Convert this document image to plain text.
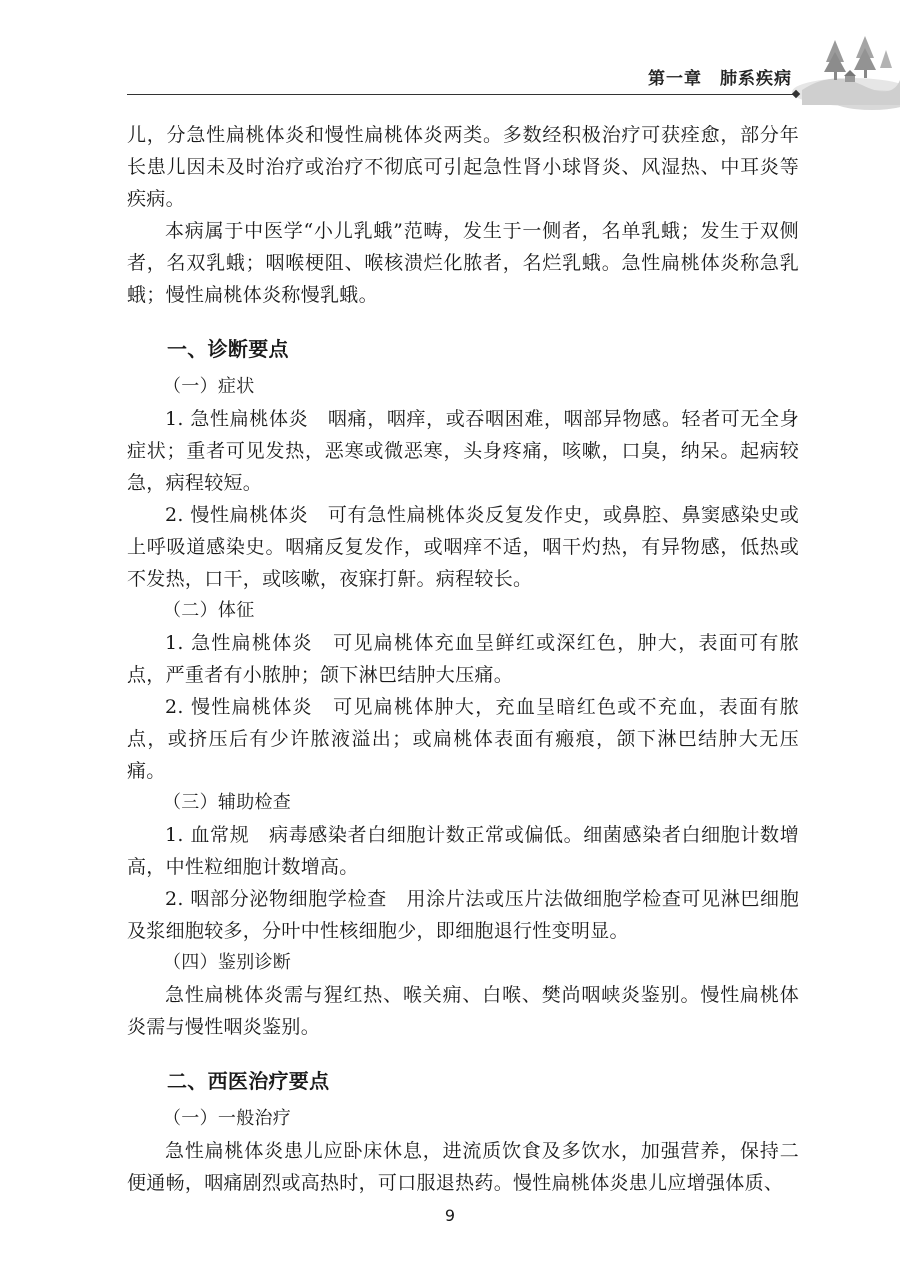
第一章　肺系疾病

儿，分急性扁桃体炎和慢性扁桃体炎两类。多数经积极治疗可获痊愈，部分年长患儿因未及时治疗或治疗不彻底可引起急性肾小球肾炎、风湿热、中耳炎等疾病。

本病属于中医学“小儿乳蛾”范畴，发生于一侧者，名单乳蛾；发生于双侧者，名双乳蛾；咽喉梗阻、喉核溃烂化脓者，名烂乳蛾。急性扁桃体炎称急乳蛾；慢性扁桃体炎称慢乳蛾。

一、诊断要点
（一）症状

1. 急性扁桃体炎　咽痛，咽痒，或吞咽困难，咽部异物感。轻者可无全身症状；重者可见发热，恶寒或微恶寒，头身疼痛，咳嗽，口臭，纳呆。起病较急，病程较短。

2. 慢性扁桃体炎　可有急性扁桃体炎反复发作史，或鼻腔、鼻窦感染史或上呼吸道感染史。咽痛反复发作，或咽痒不适，咽干灼热，有异物感，低热或不发热，口干，或咳嗽，夜寐打鼾。病程较长。

（二）体征

1. 急性扁桃体炎　可见扁桃体充血呈鲜红或深红色，肿大，表面可有脓点，严重者有小脓肿；颌下淋巴结肿大压痛。

2. 慢性扁桃体炎　可见扁桃体肿大，充血呈暗红色或不充血，表面有脓点，或挤压后有少许脓液溢出；或扁桃体表面有瘢痕，颌下淋巴结肿大无压痛。

（三）辅助检查

1. 血常规　病毒感染者白细胞计数正常或偏低。细菌感染者白细胞计数增高，中性粒细胞计数增高。

2. 咽部分泌物细胞学检查　用涂片法或压片法做细胞学检查可见淋巴细胞及浆细胞较多，分叶中性核细胞少，即细胞退行性变明显。

（四）鉴别诊断

急性扁桃体炎需与猩红热、喉关痈、白喉、樊尚咽峡炎鉴别。慢性扁桃体炎需与慢性咽炎鉴别。

二、西医治疗要点
（一）一般治疗

急性扁桃体炎患儿应卧床休息，进流质饮食及多饮水，加强营养，保持二便通畅，咽痛剧烈或高热时，可口服退热药。慢性扁桃体炎患儿应增强体质、

9
